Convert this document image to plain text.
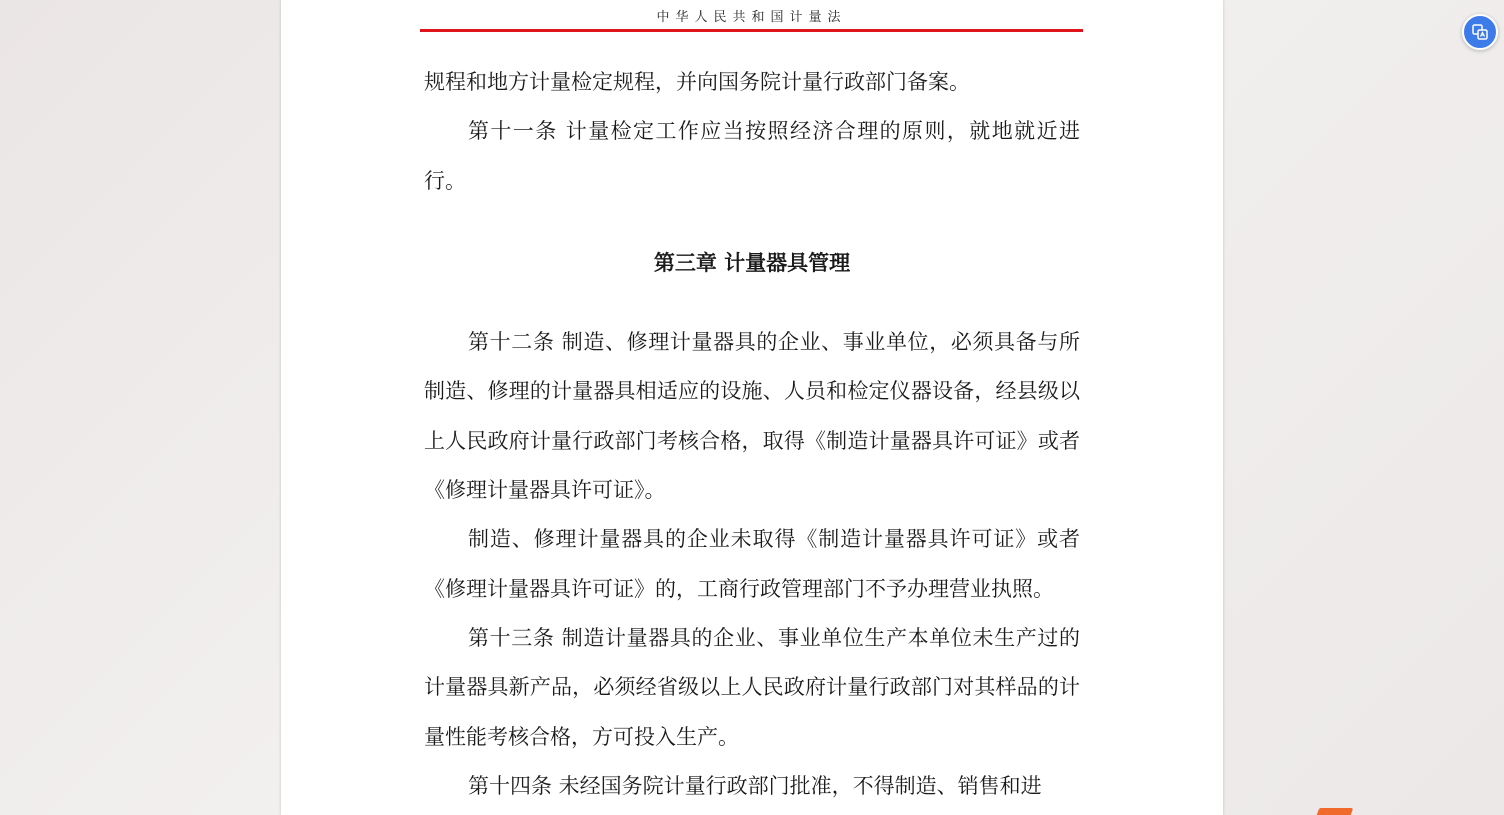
中华人民共和国计量法

规程和地方计量检定规程，并向国务院计量行政部门备案。

第十一条 计量检定工作应当按照经济合理的原则，就地就近进行。

第三章 计量器具管理

第十二条 制造、修理计量器具的企业、事业单位，必须具备与所制造、修理的计量器具相适应的设施、人员和检定仪器设备，经县级以上人民政府计量行政部门考核合格，取得《制造计量器具许可证》或者《修理计量器具许可证》。

制造、修理计量器具的企业未取得《制造计量器具许可证》或者《修理计量器具许可证》的，工商行政管理部门不予办理营业执照。

第十三条 制造计量器具的企业、事业单位生产本单位未生产过的计量器具新产品，必须经省级以上人民政府计量行政部门对其样品的计量性能考核合格，方可投入生产。

第十四条 未经国务院计量行政部门批准，不得制造、销售和进
